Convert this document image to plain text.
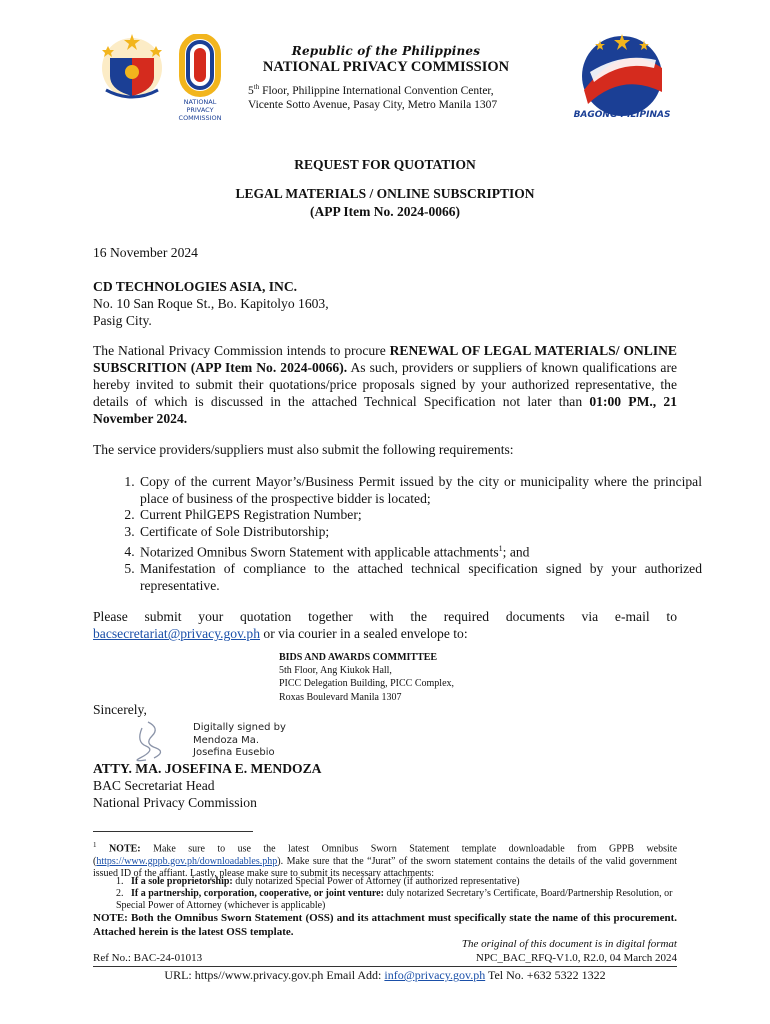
NATIONAL
PRIVACY
COMMISSION
Republic of the Philippines
NATIONAL PRIVACY COMMISSION
5th Floor, Philippine International Convention Center,
Vicente Sotto Avenue, Pasay City, Metro Manila 1307
BAGONG PILIPINAS
REQUEST FOR QUOTATION
LEGAL MATERIALS / ONLINE SUBSCRIPTION
(APP Item No. 2024-0066)
16 November 2024
CD TECHNOLOGIES ASIA, INC.
No. 10 San Roque St., Bo. Kapitolyo 1603,
Pasig City.
The National Privacy Commission intends to procure RENEWAL OF LEGAL MATERIALS/ ONLINE SUBSCRITION (APP Item No. 2024-0066). As such, providers or suppliers of known qualifications are hereby invited to submit their quotations/price proposals signed by your authorized representative, the details of which is discussed in the attached Technical Specification not later than 01:00 PM., 21 November 2024.
The service providers/suppliers must also submit the following requirements:
1. Copy of the current Mayor’s/Business Permit issued by the city or municipality where the principal place of business of the prospective bidder is located;
2. Current PhilGEPS Registration Number;
3. Certificate of Sole Distributorship;
4. Notarized Omnibus Sworn Statement with applicable attachments$^1$; and
5. Manifestation of compliance to the attached technical specification signed by your authorized representative.
Please submit your quotation together with the required documents via e-mail to
bacsecretariat@privacy.gov.ph or via courier in a sealed envelope to:
BIDS AND AWARDS COMMITTEE
5th Floor, Ang Kiukok Hall,
PICC Delegation Building, PICC Complex,
Roxas Boulevard Manila 1307
Sincerely,
Digitally signed by
Mendoza Ma.
Josefina Eusebio
ATTY. MA. JOSEFINA E. MENDOZA
BAC Secretariat Head
National Privacy Commission
$^1$ NOTE: Make sure to use the latest Omnibus Sworn Statement template downloadable from GPPB website (https://www.gppb.gov.ph/downloadables.php). Make sure that the “Jurat” of the sworn statement contains the details of the valid government issued ID of the affiant. Lastly, please make sure to submit its necessary attachments:
1. If a sole proprietorship: duly notarized Special Power of Attorney (if authorized representative)
2. If a partnership, corporation, cooperative, or joint venture: duly notarized Secretary’s Certificate, Board/Partnership Resolution, or Special Power of Attorney (whichever is applicable)
NOTE: Both the Omnibus Sworn Statement (OSS) and its attachment must specifically state the name of this procurement. Attached herein is the latest OSS template.
The original of this document is in digital format
Ref No.: BAC-24-01013	NPC_BAC_RFQ-V1.0, R2.0, 04 March 2024
URL: https//www.privacy.gov.ph Email Add: info@privacy.gov.ph Tel No. +632 5322 1322
